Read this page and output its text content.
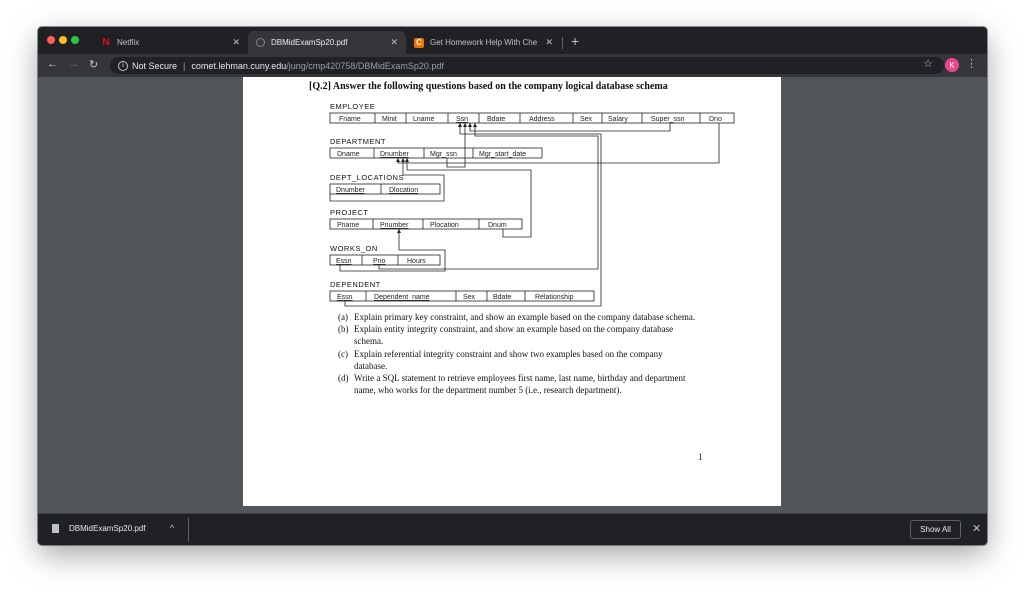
N Netflix	✕	DBMidExamSp20.pdf	✕ C Get Homework Help With Che ✕ +
← → ↻	i Not Secure | comet.lehman.cuny.edu /jung/cmp420758/DBMidExamSp20.pdf	☆	K	⋮
[Q.2] Answer the following questions based on the company logical database schema
EMPLOYEE
Fname	Minit Lname	Ssn	Bdate	Address	Sex Salary	Super_ssn	Dno
DEPARTMENT
Dname	Dnumber	Mgr_ssn	Mgr_start_date
DEPT_LOCATIONS
Dnumber	Dlocation
PROJECT
Pname	Pnumber	Plocation	Dnum
WORKS_ON
Essn	Pno	Hours
DEPENDENT
Essn	Dependent_name	Sex	Bdate	Relationship
(a) Explain primary key constraint, and show an example based on the company database schema.
(b) Explain entity integrity constraint, and show an example based on the company database schema.
(c) Explain referential integrity constraint and show two examples based on the company database.
(d) Write a SQL statement to retrieve employees first name, last name, birthday and department name, who works for the department number 5 (i.e., research department).
1
DBMidExamSp20.pdf	^	Show All	✕
